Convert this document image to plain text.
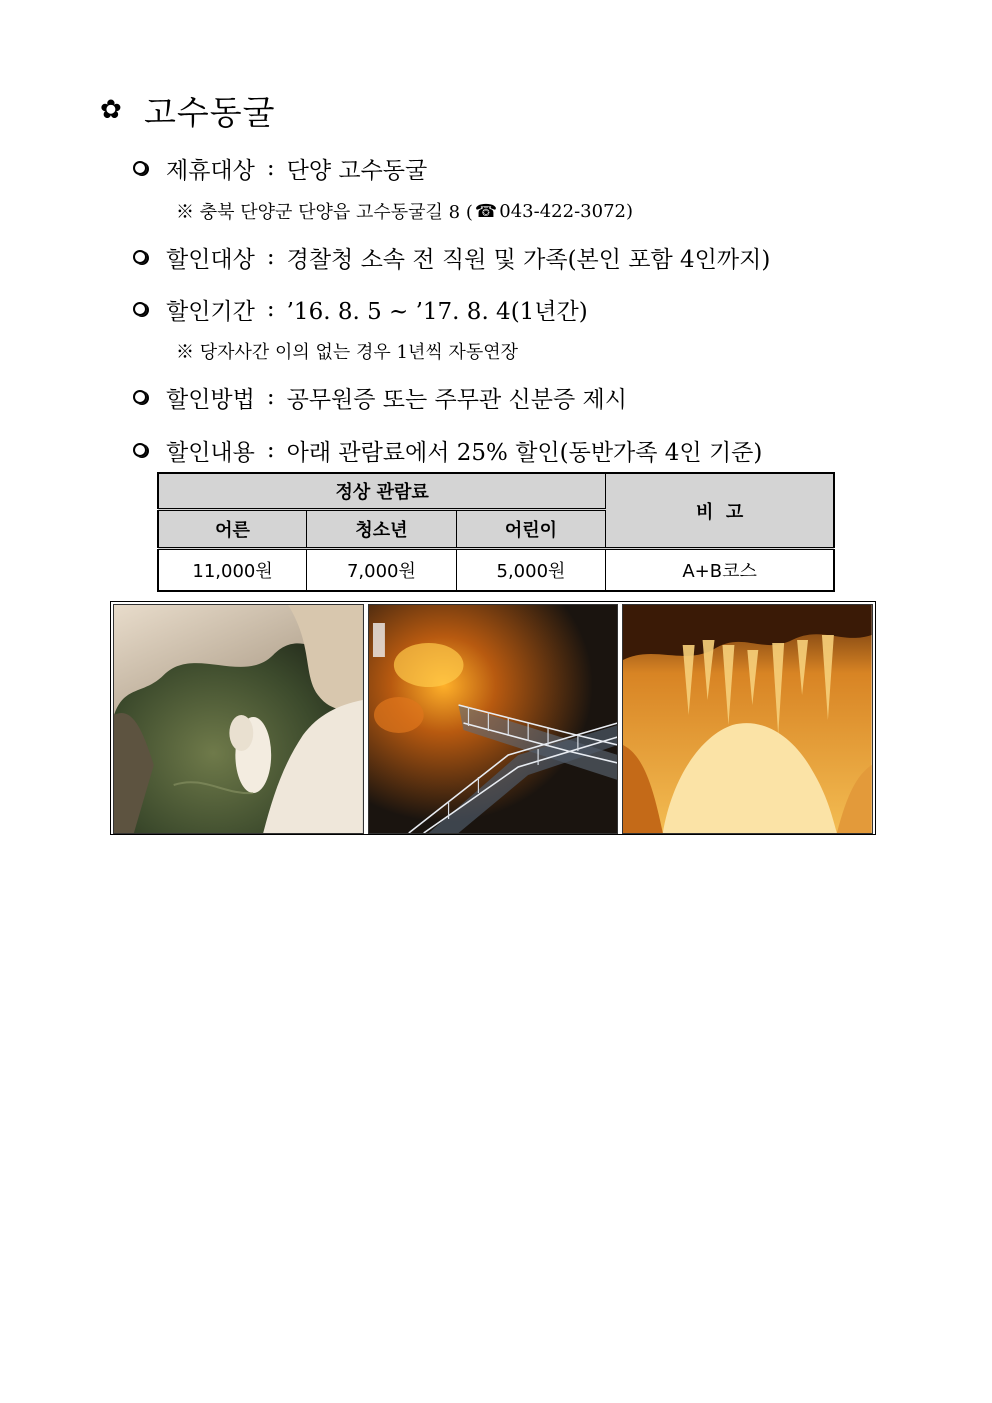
✿ 고수동굴
제휴대상 : 단양 고수동굴
※ 충북 단양군 단양읍 고수동굴길 8 ( ☎ 043-422-3072)
할인대상 : 경찰청 소속 전 직원 및 가족(본인 포함 4인까지)
할인기간 : ’16. 8. 5 ~ ’17. 8. 4(1년간)
※ 당자사간 이의 없는 경우 1년씩 자동연장
할인방법 : 공무원증 또는 주무관 신분증 제시
할인내용 : 아래 관람료에서 25% 할인(동반가족 4인 기준)
정상 관람료			비  고
어른	청소년	어린이	
11,000원	7,000원	5,000원	A+B코스
